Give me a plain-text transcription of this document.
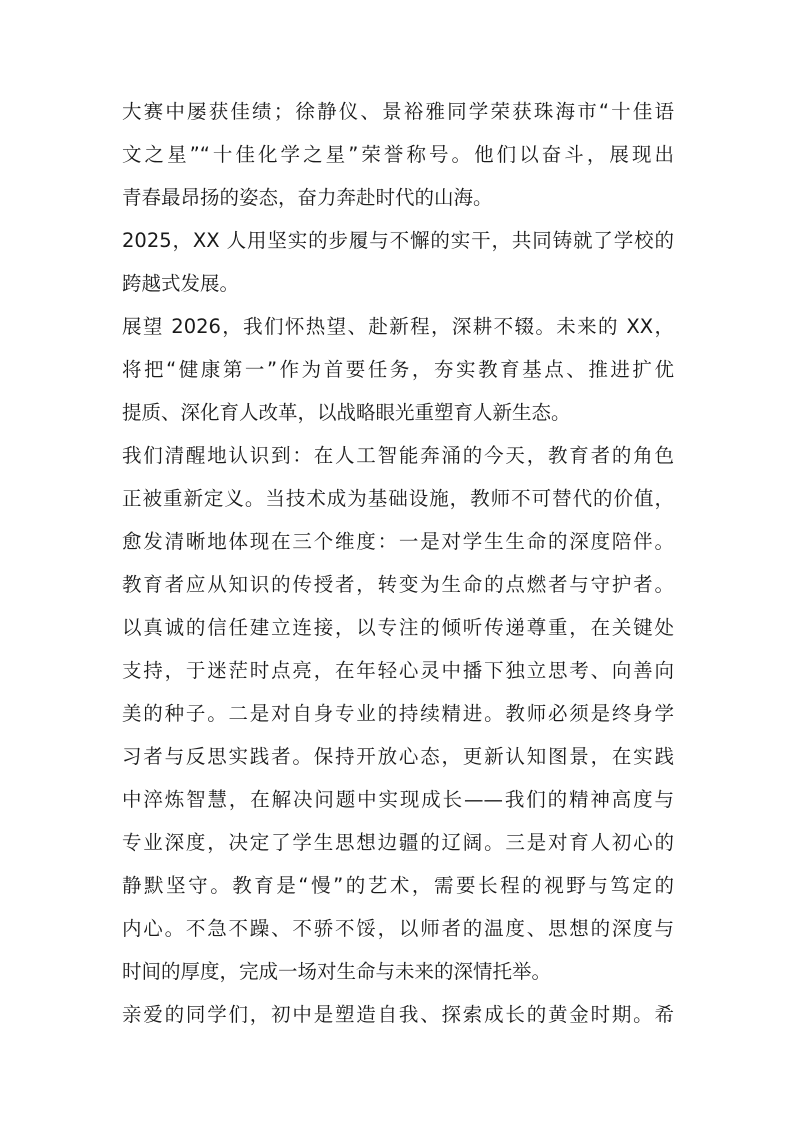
大赛中屡获佳绩；徐静仪、景裕雅同学荣获珠海市“十佳语
文之星”“十佳化学之星”荣誉称号。他们以奋斗，展现出
青春最昂扬的姿态，奋力奔赴时代的山海。
2025，XX 人用坚实的步履与不懈的实干，共同铸就了学校的
跨越式发展。
展望 2026，我们怀热望、赴新程，深耕不辍。未来的 XX，
将把“健康第一”作为首要任务，夯实教育基点、推进扩优
提质、深化育人改革，以战略眼光重塑育人新生态。
我们清醒地认识到：在人工智能奔涌的今天，教育者的角色
正被重新定义。当技术成为基础设施，教师不可替代的价值，
愈发清晰地体现在三个维度：一是对学生生命的深度陪伴。
教育者应从知识的传授者，转变为生命的点燃者与守护者。
以真诚的信任建立连接，以专注的倾听传递尊重，在关键处
支持，于迷茫时点亮，在年轻心灵中播下独立思考、向善向
美的种子。二是对自身专业的持续精进。教师必须是终身学
习者与反思实践者。保持开放心态，更新认知图景，在实践
中淬炼智慧，在解决问题中实现成长——我们的精神高度与
专业深度，决定了学生思想边疆的辽阔。三是对育人初心的
静默坚守。教育是“慢”的艺术，需要长程的视野与笃定的
内心。不急不躁、不骄不馁，以师者的温度、思想的深度与
时间的厚度，完成一场对生命与未来的深情托举。
亲爱的同学们，初中是塑造自我、探索成长的黄金时期。希
